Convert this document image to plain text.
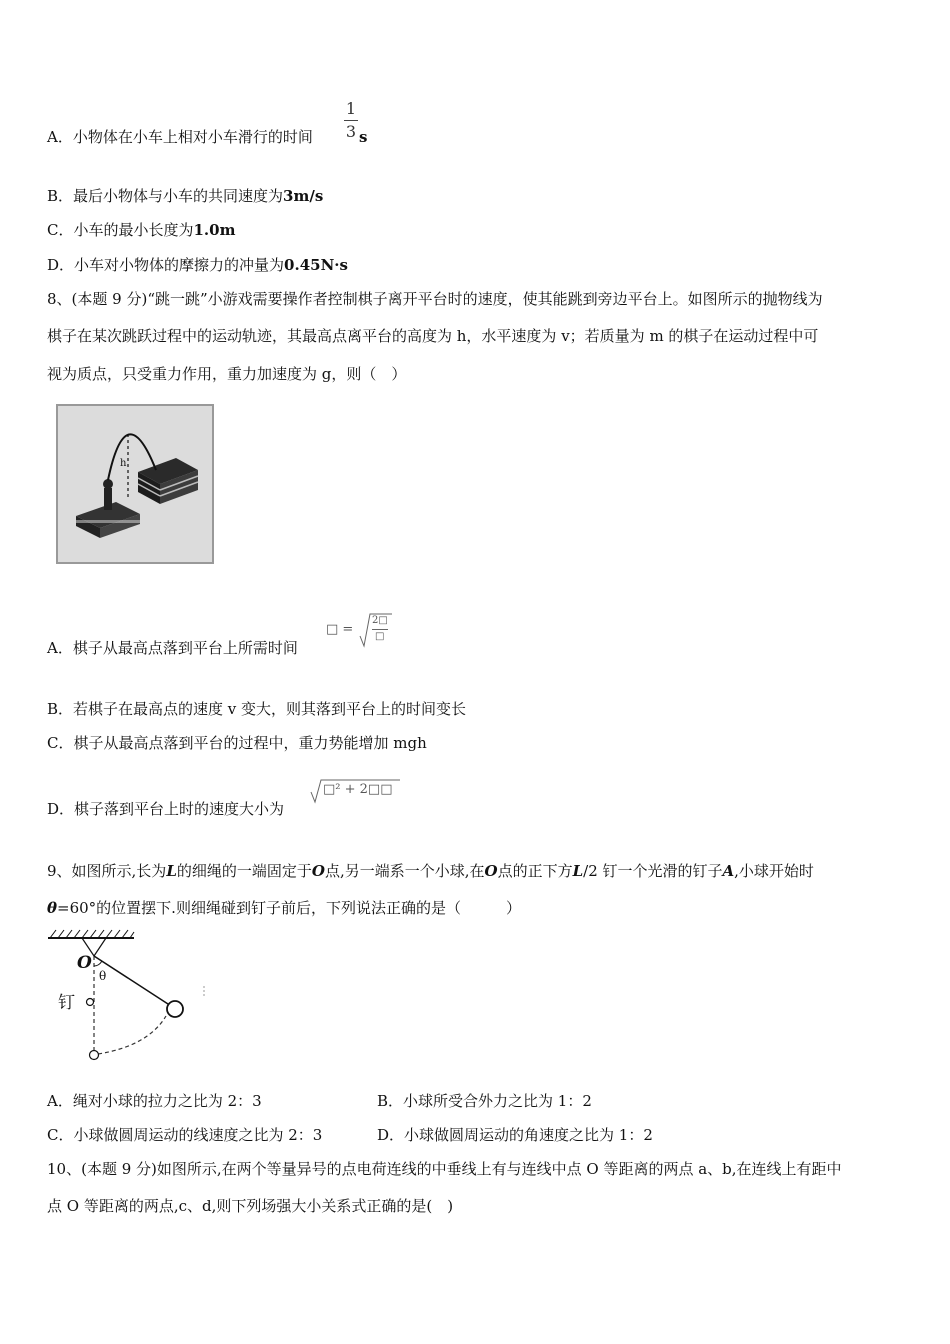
A．小物体在小车上相对小车滑行的时间
1
3 s
B．最后小物体与小车的共同速度为3m/s
C．小车的最小长度为1.0m
D．小车对小物体的摩擦力的冲量为0.45N·s
8、(本题 9 分)“跳一跳”小游戏需要操作者控制棋子离开平台时的速度，使其能跳到旁边平台上。如图所示的抛物线为
棋子在某次跳跃过程中的运动轨迹，其最高点离平台的高度为 h，水平速度为 v；若质量为 m 的棋子在运动过程中可
视为质点，只受重力作用，重力加速度为 g，则（　）
h
A．棋子从最高点落到平台上所需时间
□ =
2□
□
B．若棋子在最高点的速度 v 变大，则其落到平台上的时间变长
C．棋子从最高点落到平台的过程中，重力势能增加 mgh
D．棋子落到平台上时的速度大小为
□² + 2□□
9、如图所示,长为L的细绳的一端固定于O点,另一端系一个小球,在O点的正下方L/2 钉一个光滑的钉子A,小球开始时
θ=60°的位置摆下.则细绳碰到钉子前后，下列说法正确的是（　　　）
O
θ
钉
A．绳对小球的拉力之比为 2：3	B．小球所受合外力之比为 1：2
C．小球做圆周运动的线速度之比为 2：3	D．小球做圆周运动的角速度之比为 1：2
10、(本题 9 分)如图所示,在两个等量异号的点电荷连线的中垂线上有与连线中点 O 等距离的两点 a、b,在连线上有距中
点 O 等距离的两点,c、d,则下列场强大小关系式正确的是(　)
